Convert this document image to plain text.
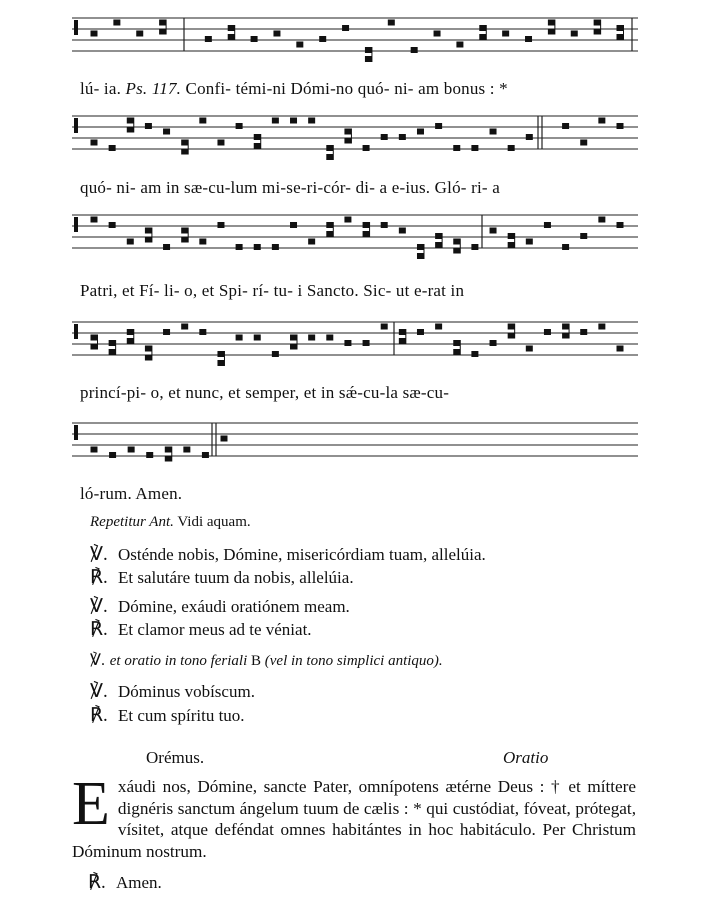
lú- ia. Ps. 117. Confi- témi-ni Dómi-no quó- ni- am bonus : *
quó- ni- am in sæ-cu-lum mi-se-ri-cór- di- a e-ius. Gló- ri- a
Patri, et Fí- li- o, et Spi- rí- tu- i Sancto. Sic- ut e-rat in
princí-pi- o, et nunc, et semper, et in sǽ-cu-la sæ-cu-
ló-rum. Amen.
Repetitur Ant. Vidi aquam.
℣. Osténde nobis, Dómine, misericórdiam tuam, allelúia.
℟. Et salutáre tuum da nobis, allelúia.
℣. Dómine, exáudi oratiónem meam.
℟. Et clamor meus ad te véniat.
℣. et oratio in tono feriali B (vel in tono simplici antiquo).
℣. Dóminus vobíscum.
℟. Et cum spíritu tuo.
Orémus.	Oratio
Exáudi nos, Dómine, sancte Pater, omnípotens ætérne Deus : † et míttere dignéris sanctum ángelum tuum de cælis : * qui custódiat, fóveat, prótegat, vísitet, atque deféndat omnes habitántes in hoc habitáculo. Per Christum Dóminum nostrum.
℟. Amen.
